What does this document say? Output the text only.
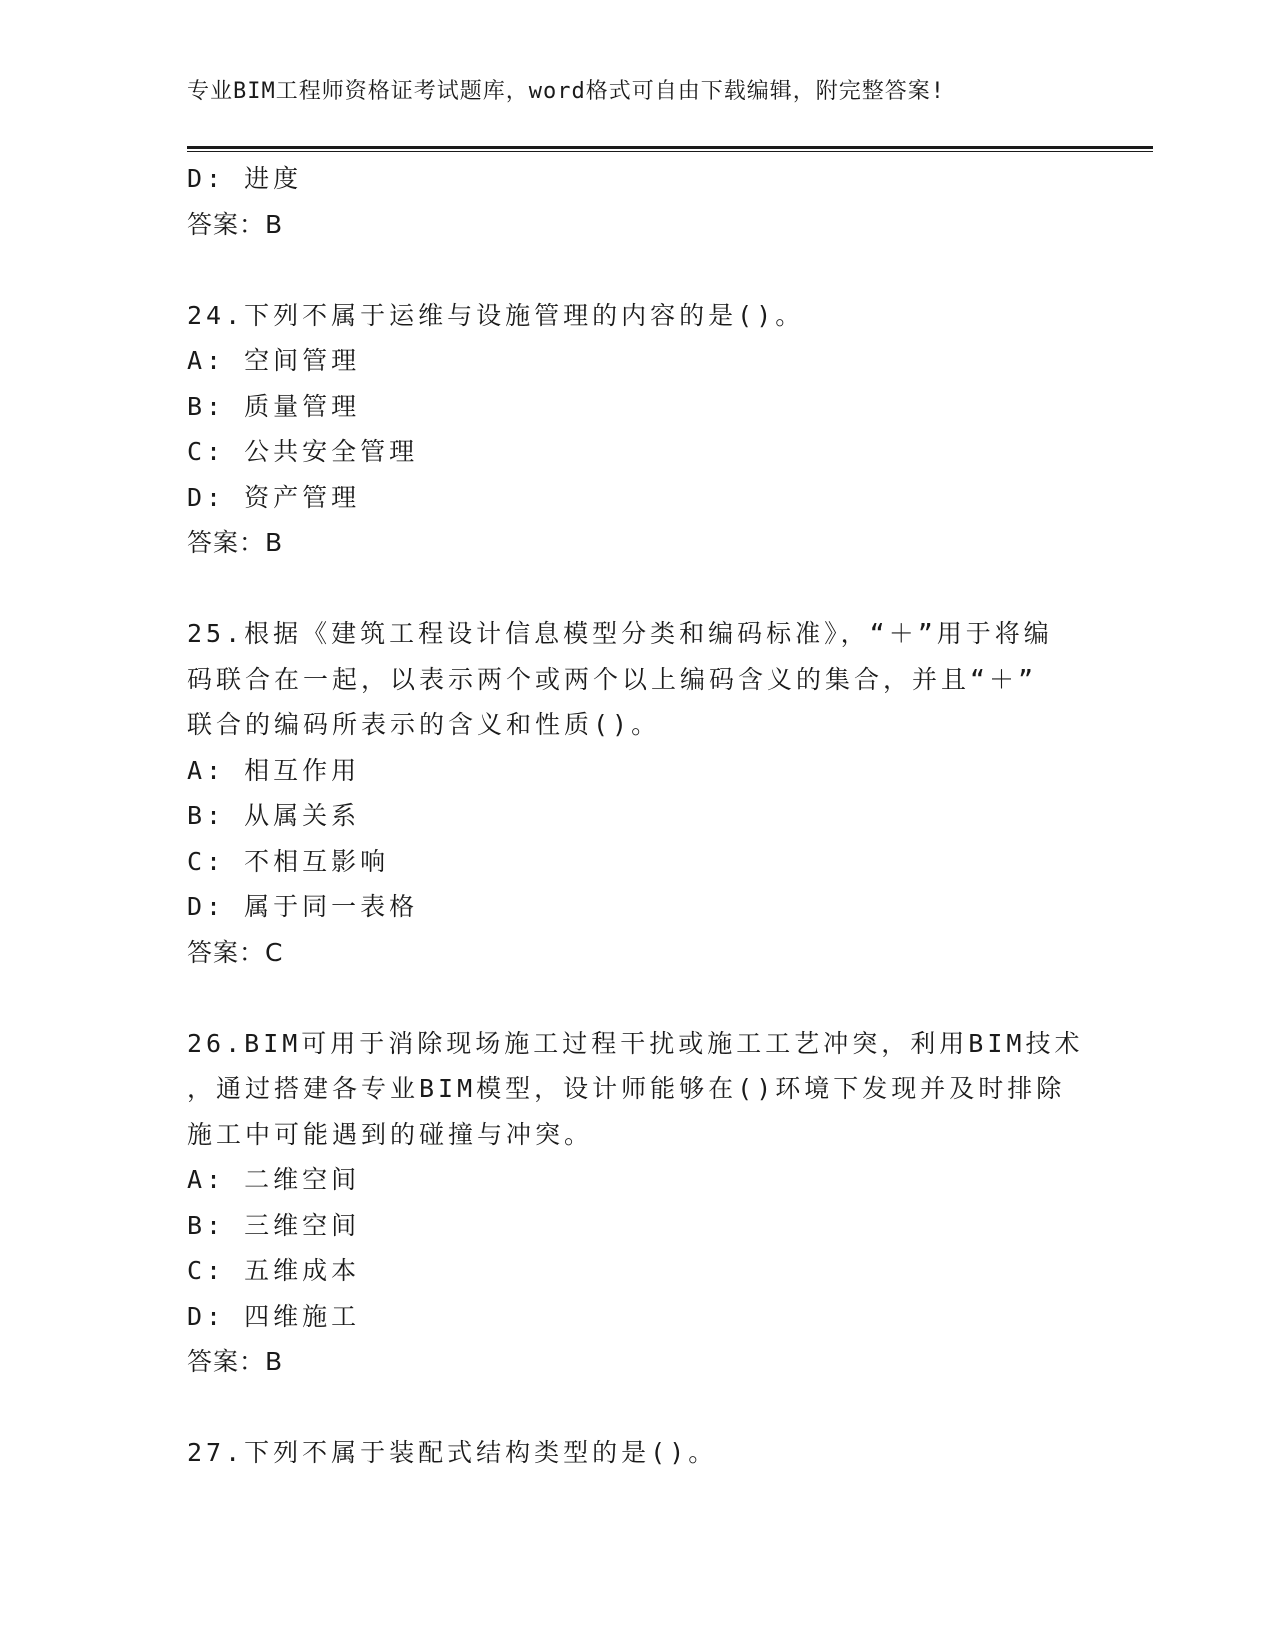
专业BIM工程师资格证考试题库，word格式可自由下载编辑，附完整答案!
D: 进度
答案：B
24.下列不属于运维与设施管理的内容的是()。
A: 空间管理
B: 质量管理
C: 公共安全管理
D: 资产管理
答案：B
25.根据《建筑工程设计信息模型分类和编码标准》，“＋”用于将编
码联合在一起，以表示两个或两个以上编码含义的集合，并且“＋”
联合的编码所表示的含义和性质()。
A: 相互作用
B: 从属关系
C: 不相互影响
D: 属于同一表格
答案：C
26.BIM可用于消除现场施工过程干扰或施工工艺冲突，利用BIM技术
，通过搭建各专业BIM模型，设计师能够在()环境下发现并及时排除
施工中可能遇到的碰撞与冲突。
A: 二维空间
B: 三维空间
C: 五维成本
D: 四维施工
答案：B
27.下列不属于装配式结构类型的是()。
